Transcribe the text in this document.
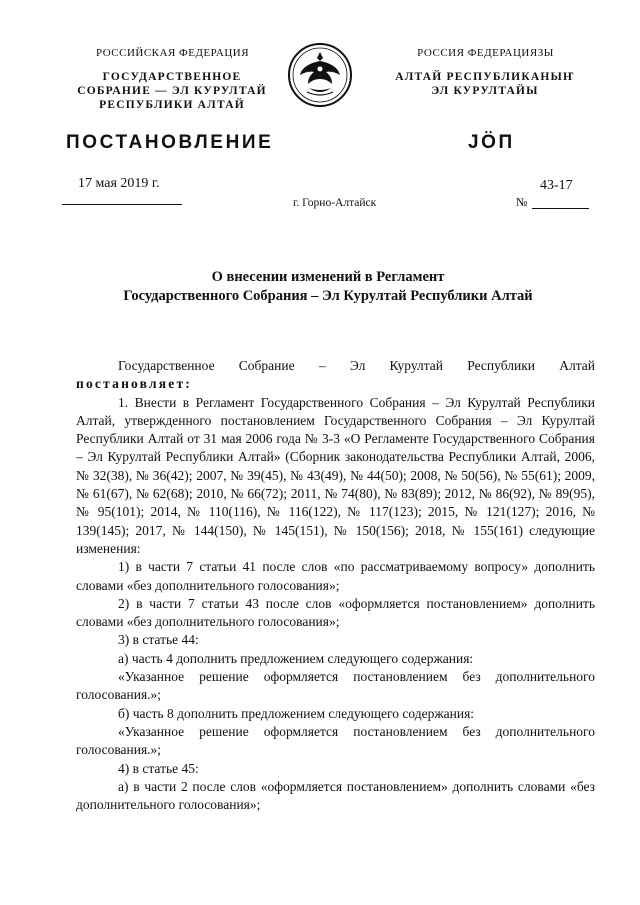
РОССИЙСКАЯ ФЕДЕРАЦИЯ
ГОСУДАРСТВЕННОЕ
СОБРАНИЕ — ЭЛ КУРУЛТАЙ
РЕСПУБЛИКИ АЛТАЙ
РОССИЯ ФЕДЕРАЦИЯЗЫ
АЛТАЙ РЕСПУБЛИКАНЫҤ
ЭЛ КУРУЛТАЙЫ
ПОСТАНОВЛЕНИЕ	JÖП
17 мая 2019 г.
г. Горно-Алтайск
43-17
№
О внесении изменений в Регламент
Государственного Собрания – Эл Курултай Республики Алтай

Государственное Собрание – Эл Курултай Республики Алтай

постановляет:

1. Внести в Регламент Государственного Собрания – Эл Курултай Республики Алтай, утвержденного постановлением Государственного Собрания – Эл Курултай Республики Алтай от 31 мая 2006 года № 3-3 «О Регламенте Государственного Собрания – Эл Курултай Республики Алтай» (Сборник законодательства Республики Алтай, 2006, № 32(38), № 36(42); 2007, № 39(45), № 43(49), № 44(50); 2008, № 50(56), № 55(61); 2009, № 61(67), № 62(68); 2010, № 66(72); 2011, № 74(80), № 83(89); 2012, № 86(92), № 89(95), № 95(101); 2014, № 110(116), № 116(122), № 117(123); 2015, № 121(127); 2016, № 139(145); 2017, № 144(150), № 145(151), № 150(156); 2018, № 155(161) следующие изменения:

1) в части 7 статьи 41 после слов «по рассматриваемому вопросу» дополнить словами «без дополнительного голосования»;

2) в части 7 статьи 43 после слов «оформляется постановлением» дополнить словами «без дополнительного голосования»;

3) в статье 44:

а) часть 4 дополнить предложением следующего содержания:

«Указанное решение оформляется постановлением без дополнительного голосования.»;

б) часть 8 дополнить предложением следующего содержания:

«Указанное решение оформляется постановлением без дополнительного голосования.»;

4) в статье 45:

а) в части 2 после слов «оформляется постановлением» дополнить словами «без дополнительного голосования»;
